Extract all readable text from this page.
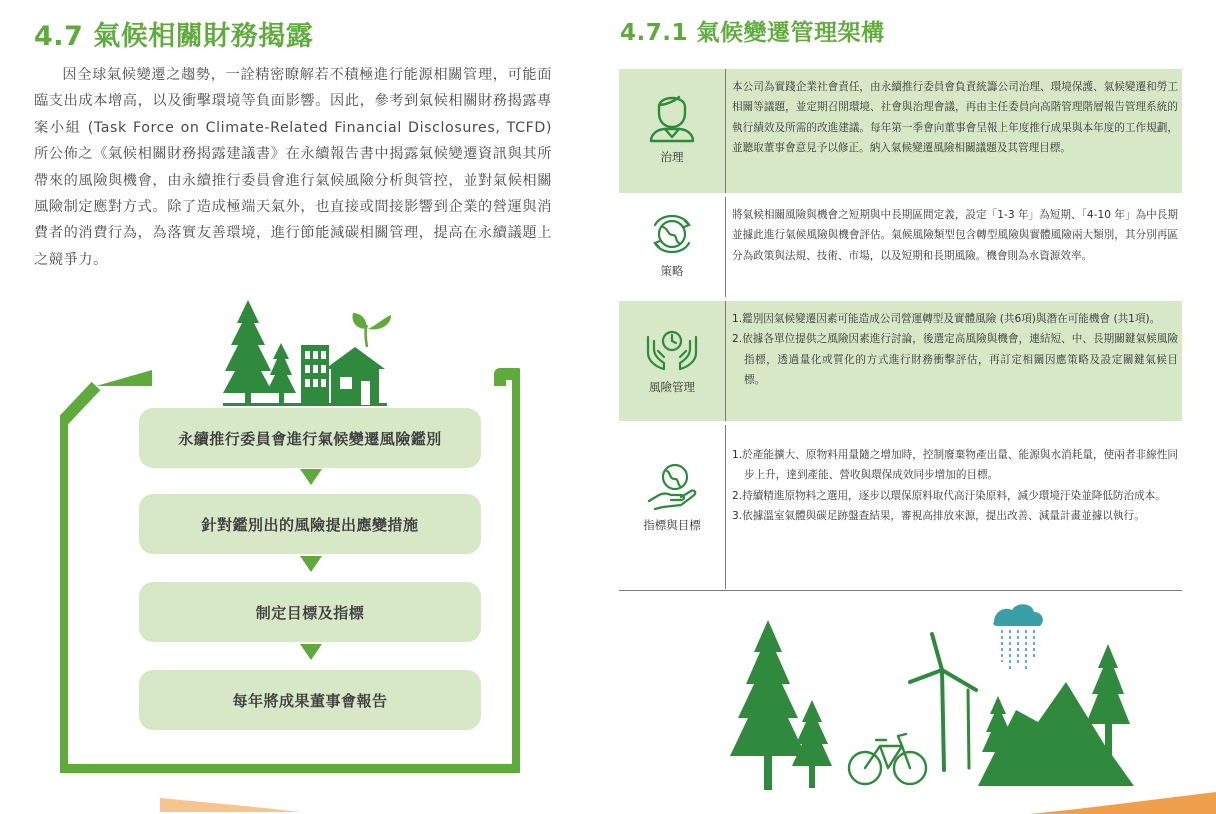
4.7 氣候相關財務揭露

因全球氣候變遷之趨勢，一詮精密瞭解若不積極進行能源相關管理，可能面臨支出成本增高，以及衝擊環境等負面影響。因此，參考到氣候相關財務揭露專案小組 (Task Force on Climate-Related Financial Disclosures, TCFD) 所公佈之《氣候相關財務揭露建議書》在永續報告書中揭露氣候變遷資訊與其所帶來的風險與機會，由永續推行委員會進行氣候風險分析與管控，並對氣候相關風險制定應對方式。除了造成極端天氣外，也直接或間接影響到企業的營運與消費者的消費行為，為落實友善環境，進行節能減碳相關管理，提高在永續議題上之競爭力。

永續推行委員會進行氣候變遷風險鑑別
針對鑑別出的風險提出應變措施
制定目標及指標
每年將成果董事會報告
4.7.1 氣候變遷管理架構
治理
本公司為實踐企業社會責任，由永續推行委員會負責統籌公司治理、環境保護、氣候變遷和勞工相關等議題，並定期召開環境、社會與治理會議，再由主任委員向高階管理階層報告管理系統的執行績效及所需的改進建議。每年第一季會向董事會呈報上年度推行成果與本年度的工作規劃，並聽取董事會意見予以修正。納入氣候變遷風險相關議題及其管理目標。
策略
將氣候相關風險與機會之短期與中長期區間定義，設定「1-3 年」為短期、「4-10 年」為中長期並據此進行氣候風險與機會評估。氣候風險類型包含轉型風險與實體風險兩大類別，其分別再區分為政策與法規、技術、市場，以及短期和長期風險。機會則為水資源效率。
風險管理
1.鑑別因氣候變遷因素可能造成公司營運轉型及實體風險 (共6項)與潛在可能機會 (共1項)。
2.依據各單位提供之風險因素進行討論，後選定高風險與機會，連結短、中、長期關鍵氣候風險指標，透過量化或質化的方式進行財務衝擊評估，再訂定相關因應策略及設定關鍵氣候目標。
指標與目標
1.於產能擴大、原物料用量隨之增加時，控制廢棄物產出量、能源與水消耗量，使兩者非線性同步上升，達到產能、營收與環保成效同步增加的目標。
2.持續精進原物料之選用，逐步以環保原料取代高汙染原料，減少環境汙染並降低防治成本。
3.依據溫室氣體與碳足跡盤查結果，審視高排放來源，提出改善、減量計畫並據以執行。
